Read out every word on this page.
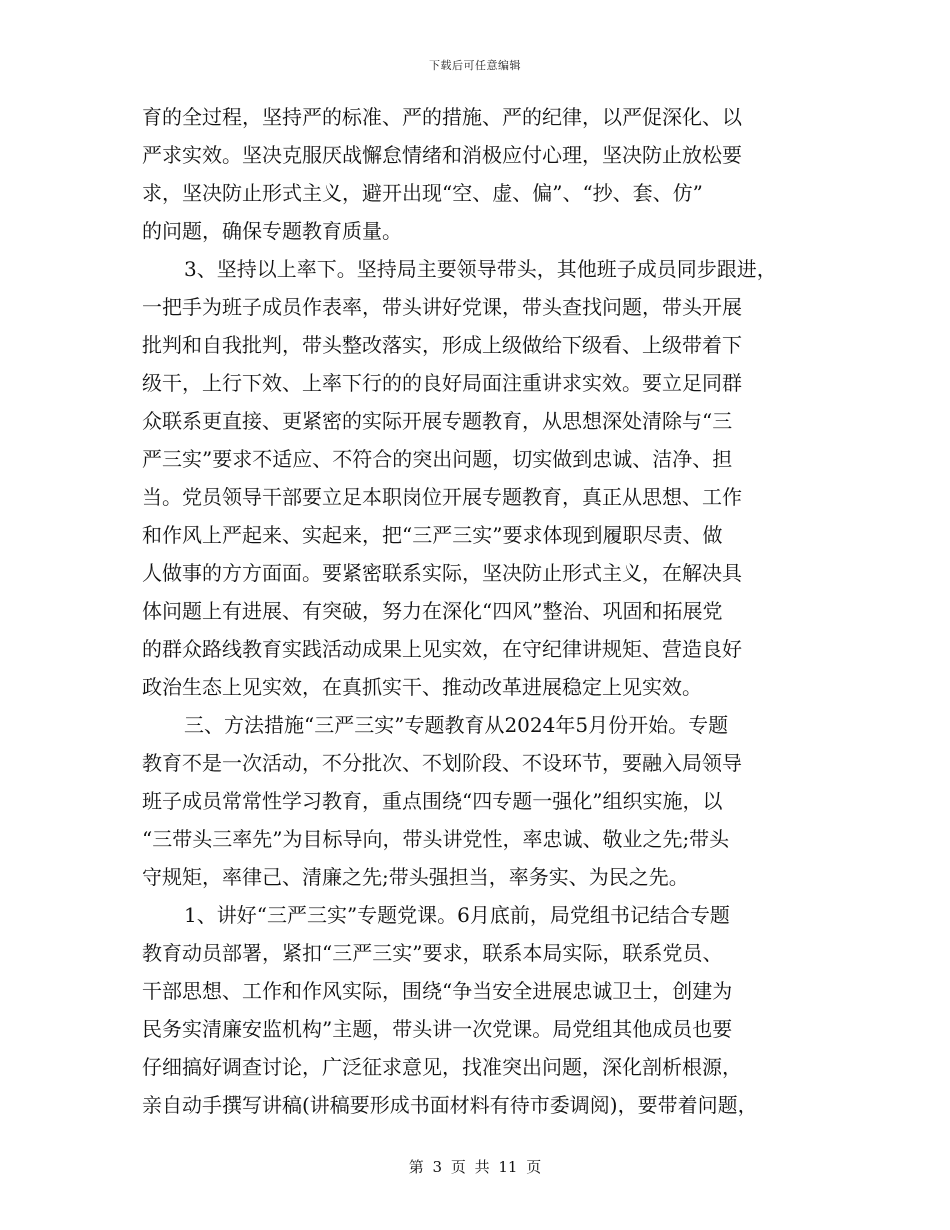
下载后可任意编辑
育的全过程，坚持严的标准、严的措施、严的纪律，以严促深化、以
严求实效。坚决克服厌战懈怠情绪和消极应付心理，坚决防止放松要
求，坚决防止形式主义，避开出现“空、虚、偏”、“抄、套、仿”
的问题，确保专题教育质量。
3、坚持以上率下。坚持局主要领导带头，其他班子成员同步跟进，
一把手为班子成员作表率，带头讲好党课，带头查找问题，带头开展
批判和自我批判，带头整改落实，形成上级做给下级看、上级带着下
级干，上行下效、上率下行的的良好局面注重讲求实效。要立足同群
众联系更直接、更紧密的实际开展专题教育，从思想深处清除与“三
严三实”要求不适应、不符合的突出问题，切实做到忠诚、洁净、担
当。党员领导干部要立足本职岗位开展专题教育，真正从思想、工作
和作风上严起来、实起来，把“三严三实”要求体现到履职尽责、做
人做事的方方面面。要紧密联系实际，坚决防止形式主义，在解决具
体问题上有进展、有突破，努力在深化“四风”整治、巩固和拓展党
的群众路线教育实践活动成果上见实效，在守纪律讲规矩、营造良好
政治生态上见实效，在真抓实干、推动改革进展稳定上见实效。
三、方法措施“三严三实”专题教育从2024年5月份开始。专题
教育不是一次活动，不分批次、不划阶段、不设环节，要融入局领导
班子成员常常性学习教育，重点围绕“四专题一强化”组织实施，以
“三带头三率先”为目标导向，带头讲党性，率忠诚、敬业之先;带头
守规矩，率律己、清廉之先;带头强担当，率务实、为民之先。
1、讲好“三严三实”专题党课。6月底前，局党组书记结合专题
教育动员部署，紧扣“三严三实”要求，联系本局实际，联系党员、
干部思想、工作和作风实际，围绕“争当安全进展忠诚卫士，创建为
民务实清廉安监机构”主题，带头讲一次党课。局党组其他成员也要
仔细搞好调查讨论，广泛征求意见，找准突出问题，深化剖析根源，
亲自动手撰写讲稿(讲稿要形成书面材料有待市委调阅)，要带着问题，
第 3 页 共 11 页
